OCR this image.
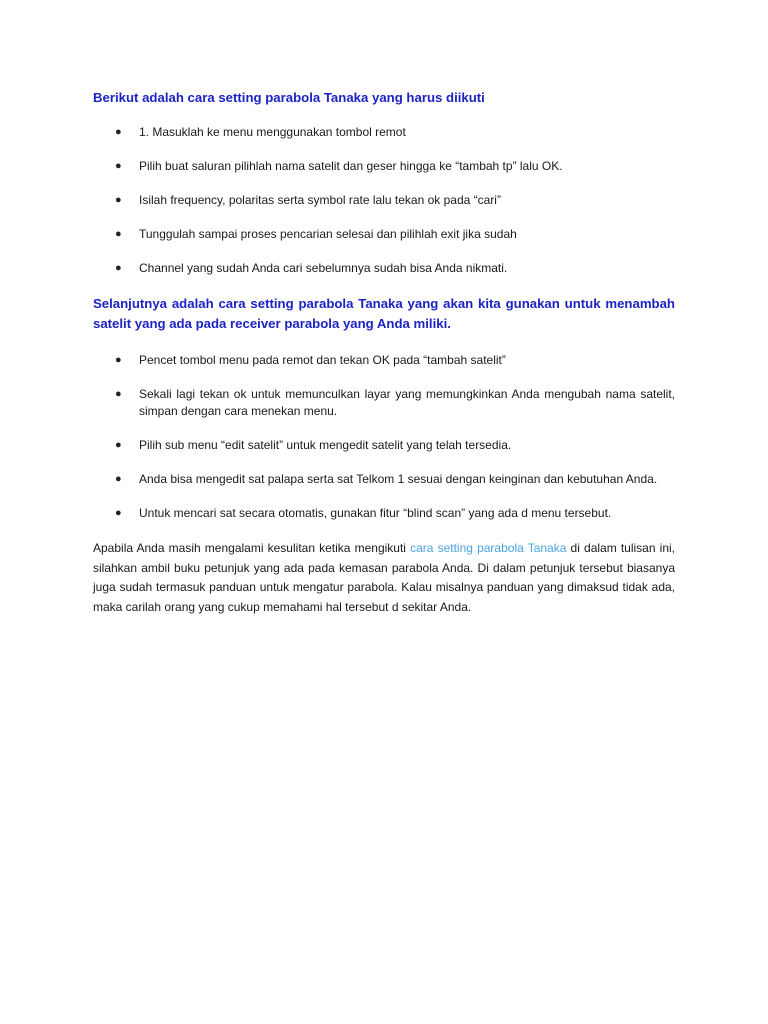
Berikut adalah cara setting parabola Tanaka yang harus diikuti
● 1. Masuklah ke menu menggunakan tombol remot
● Pilih buat saluran pilihlah nama satelit dan geser hingga ke “tambah tp” lalu OK.
● Isilah frequency, polaritas serta symbol rate lalu tekan ok pada “cari”
● Tunggulah sampai proses pencarian selesai dan pilihlah exit jika sudah
● Channel yang sudah Anda cari sebelumnya sudah bisa Anda nikmati.
Selanjutnya adalah cara setting parabola Tanaka yang akan kita gunakan untuk menambah satelit yang ada pada receiver parabola yang Anda miliki.
● Pencet tombol menu pada remot dan tekan OK pada “tambah satelit”
● Sekali lagi tekan ok untuk memunculkan layar yang memungkinkan Anda mengubah nama satelit, simpan dengan cara menekan menu.
● Pilih sub menu “edit satelit” untuk mengedit satelit yang telah tersedia.
● Anda bisa mengedit sat palapa serta sat Telkom 1 sesuai dengan keinginan dan kebutuhan Anda.
● Untuk mencari sat secara otomatis, gunakan fitur “blind scan” yang ada d menu tersebut.

Apabila Anda masih mengalami kesulitan ketika mengikuti cara setting parabola Tanaka di dalam tulisan ini, silahkan ambil buku petunjuk yang ada pada kemasan parabola Anda. Di dalam petunjuk tersebut biasanya juga sudah termasuk panduan untuk mengatur parabola. Kalau misalnya panduan yang dimaksud tidak ada, maka carilah orang yang cukup memahami hal tersebut d sekitar Anda.
